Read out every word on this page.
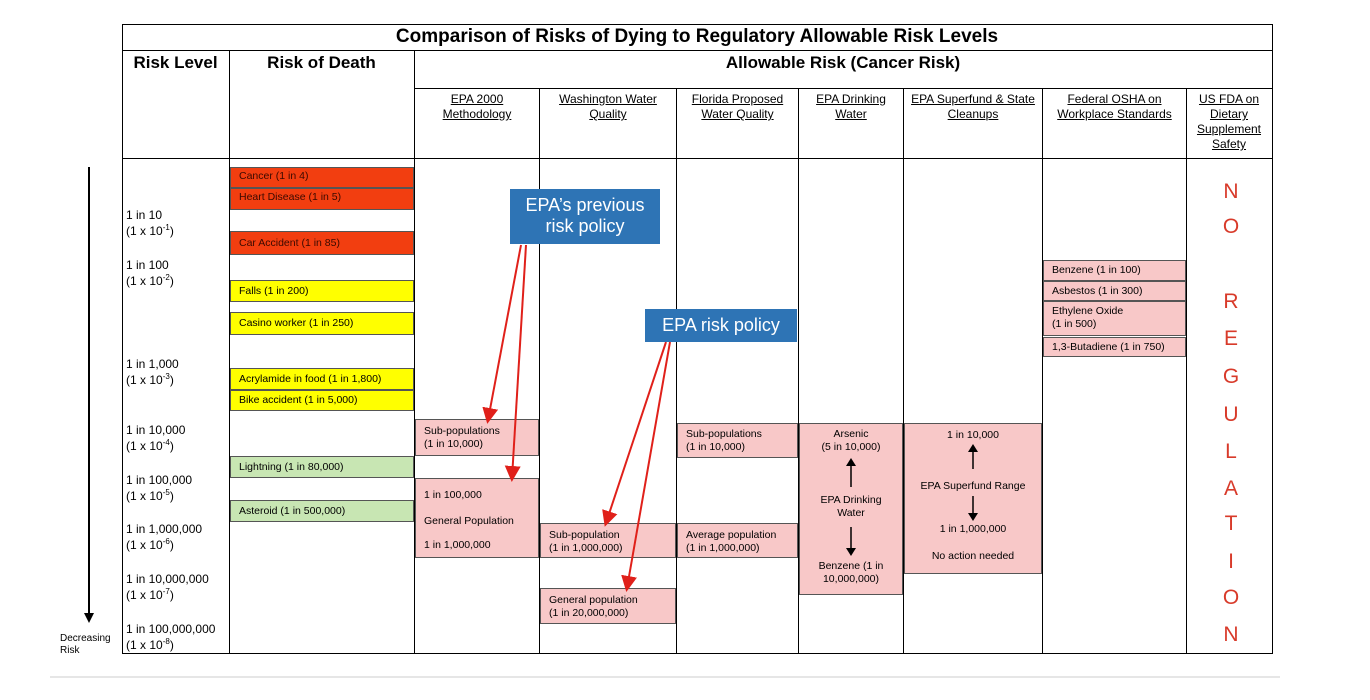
Comparison of Risks of Dying to Regulatory Allowable Risk Levels
Risk Level	Risk of Death	Allowable Risk (Cancer Risk)
EPA 2000 Methodology
Washington Water Quality
Florida Proposed Water Quality
EPA Drinking Water
EPA Superfund & State Cleanups
Federal OSHA on Workplace Standards
US FDA on Dietary Supplement Safety
1 in 10
(1 x $10^{-1}$)
1 in 100
(1 x $10^{-2}$)
1 in 1,000
(1 x $10^{-3}$)
1 in 10,000
(1 x $10^{-4}$)
1 in 100,000
(1 x $10^{-5}$)
1 in 1,000,000
(1 x $10^{-6}$)
1 in 10,000,000
(1 x $10^{-7}$)
1 in 100,000,000
(1 x $10^{-8}$)
Decreasing Risk
Cancer (1 in 4)
Heart Disease (1 in 5)
Car Accident (1 in 85)
Falls (1 in 200)
Casino worker (1 in 250)
Acrylamide in food (1 in 1,800)
Bike accident (1 in 5,000)
Lightning (1 in 80,000)
Asteroid (1 in 500,000)
Sub-populations
(1 in 10,000)
1 in 100,000
General Population
1 in 1,000,000
Sub-population
(1 in 1,000,000)
General population
(1 in 20,000,000)
Sub-populations
(1 in 10,000)
Average population
(1 in 1,000,000)
Arsenic
(5 in 10,000)
EPA Drinking
Water
Benzene (1 in
10,000,000)
1 in 10,000
EPA Superfund Range
1 in 1,000,000
No action needed
Benzene (1 in 100)
Asbestos (1 in 300)
Ethylene Oxide
(1 in 500)
1,3-Butadiene (1 in 750)
N
O
R
E
G
U
L
A
T
I
O
N
EPA’s previous
risk policy
EPA risk policy
